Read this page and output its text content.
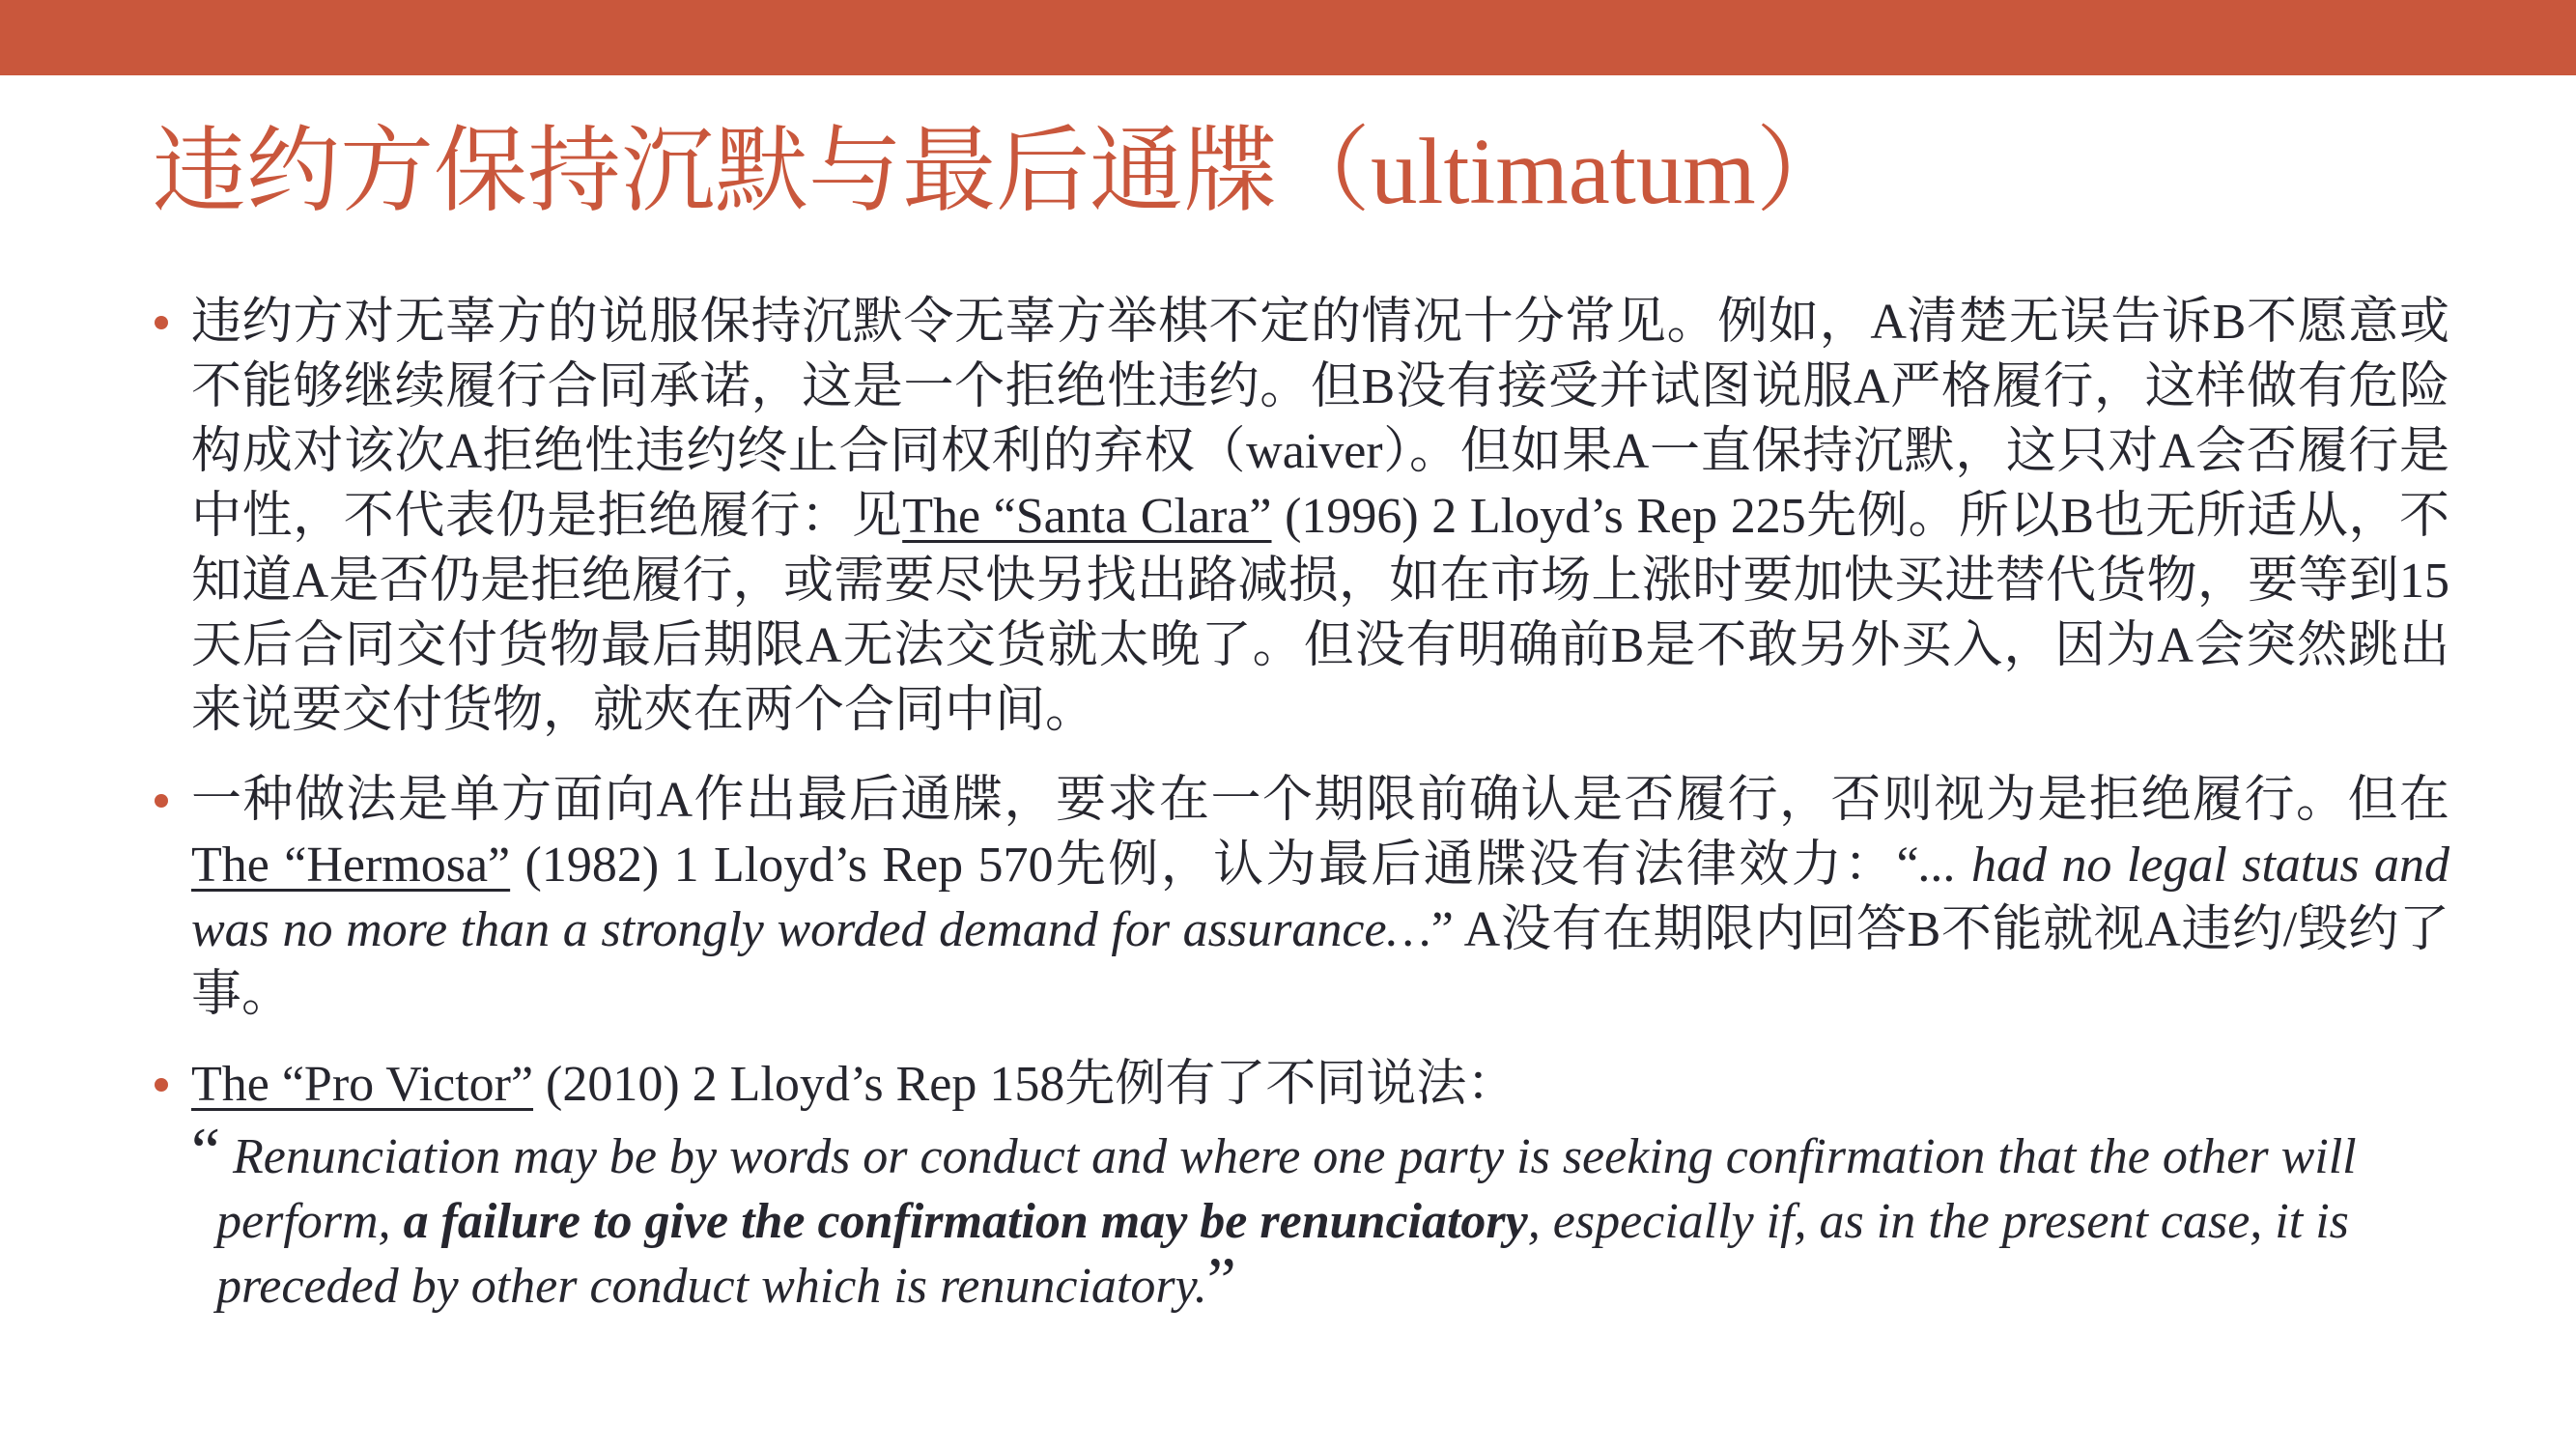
违约方保持沉默与最后通牒（ultimatum）
违约方对无辜方的说服保持沉默令无辜方举棋不定的情况十分常见。例如，A清楚无误告诉B不愿意或不能够继续履行合同承诺，这是一个拒绝性违约。但B没有接受并试图说服A严格履行，这样做有危险构成对该次A拒绝性违约终止合同权利的弃权（waiver）。但如果A一直保持沉默，这只对A会否履行是中性，不代表仍是拒绝履行：见The “Santa Clara” (1996) 2 Lloyd’s Rep 225先例。所以B也无所适从，不知道A是否仍是拒绝履行，或需要尽快另找出路减损，如在市场上涨时要加快买进替代货物，要等到15天后合同交付货物最后期限A无法交货就太晚了。但没有明确前B是不敢另外买入，因为A会突然跳出来说要交付货物，就夾在两个合同中间。
一种做法是单方面向A作出最后通牒，要求在一个期限前确认是否履行，否则视为是拒绝履行。但在The “Hermosa” (1982) 1 Lloyd’s Rep 570先例，认为最后通牒没有法律效力：“... had no legal status and was no more than a strongly worded demand for assurance…” A没有在期限内回答B不能就视A违约/毁约了事。
The “Pro Victor” (2010) 2 Lloyd’s Rep 158先例有了不同说法：
“ Renunciation may be by words or conduct and where one party is seeking confirmation that the other will perform, a failure to give the confirmation may be renunciatory, especially if, as in the present case, it is preceded by other conduct which is renunciatory.”
